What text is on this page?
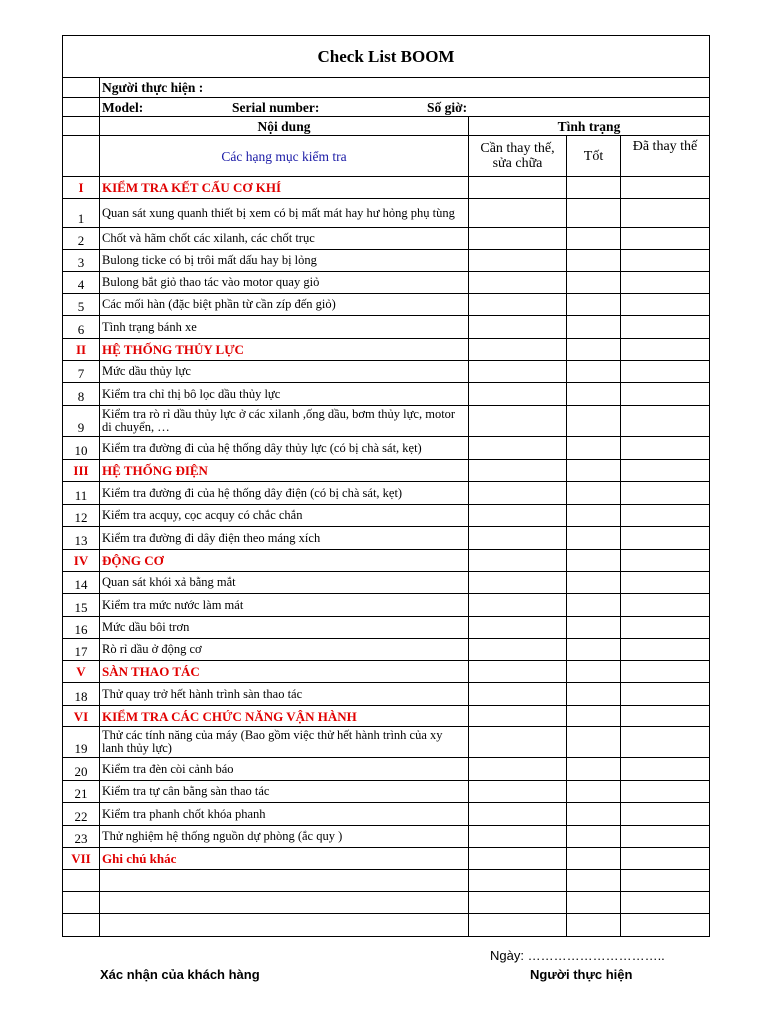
Check List BOOM				
	Người thực hiện :			
	Model: Serial number: Số giờ:			
	Nội dung	Tình trạng		
	Các hạng mục kiểm tra	Cần thay thế, sửa chữa	Tốt	Đã thay thế
I	KIỂM TRA KẾT CẤU CƠ KHÍ			
1	Quan sát xung quanh thiết bị xem có bị mất mát hay hư hỏng phụ tùng			
2	Chốt và hãm chốt các xilanh, các chốt trục			
3	Bulong ticke có bị trôi mất dấu hay bị lỏng			
4	Bulong bắt giỏ thao tác vào motor quay giỏ			
5	Các mối hàn (đặc biệt phần từ cần zíp đến giỏ)			
6	Tình trạng bánh xe			
II	HỆ THỐNG THỦY LỰC			
7	Mức dầu thủy lực			
8	Kiểm tra chỉ thị bô lọc dầu thủy lực			
9	Kiểm tra rò rỉ dầu thủy lực ở các xilanh ,ống dầu, bơm thủy lực, motor di chuyển, …			
10	Kiểm tra đường đi của hệ thống dây thủy lực (có bị chà sát, kẹt)			
III	HỆ THỐNG ĐIỆN			
11	Kiểm tra đường đi của hệ thống dây điện (có bị chà sát, kẹt)			
12	Kiểm tra acquy, cọc acquy có chắc chắn			
13	Kiểm tra đường đi dây điện theo máng xích			
IV	ĐỘNG CƠ			
14	Quan sát khói xả bằng mắt			
15	Kiểm tra mức nước làm mát			
16	Mức dầu bôi trơn			
17	Rò rỉ dầu ở động cơ			
V	SÀN THAO TÁC			
18	Thử quay trở hết hành trình sàn thao tác			
VI	KIỂM TRA CÁC CHỨC NĂNG VẬN HÀNH			
19	Thử các tính năng của máy (Bao gồm việc thử hết hành trình của xy lanh thủy lực)			
20	Kiểm tra đèn còi cảnh báo			
21	Kiểm tra tự cân bằng sàn thao tác			
22	Kiểm tra phanh chốt khóa phanh			
23	Thử nghiệm hệ thống nguồn dự phòng (ắc quy )			
VII	Ghi chú khác			

Ngày: …………………………..
Xác nhận của khách hàng	Người thực hiện
